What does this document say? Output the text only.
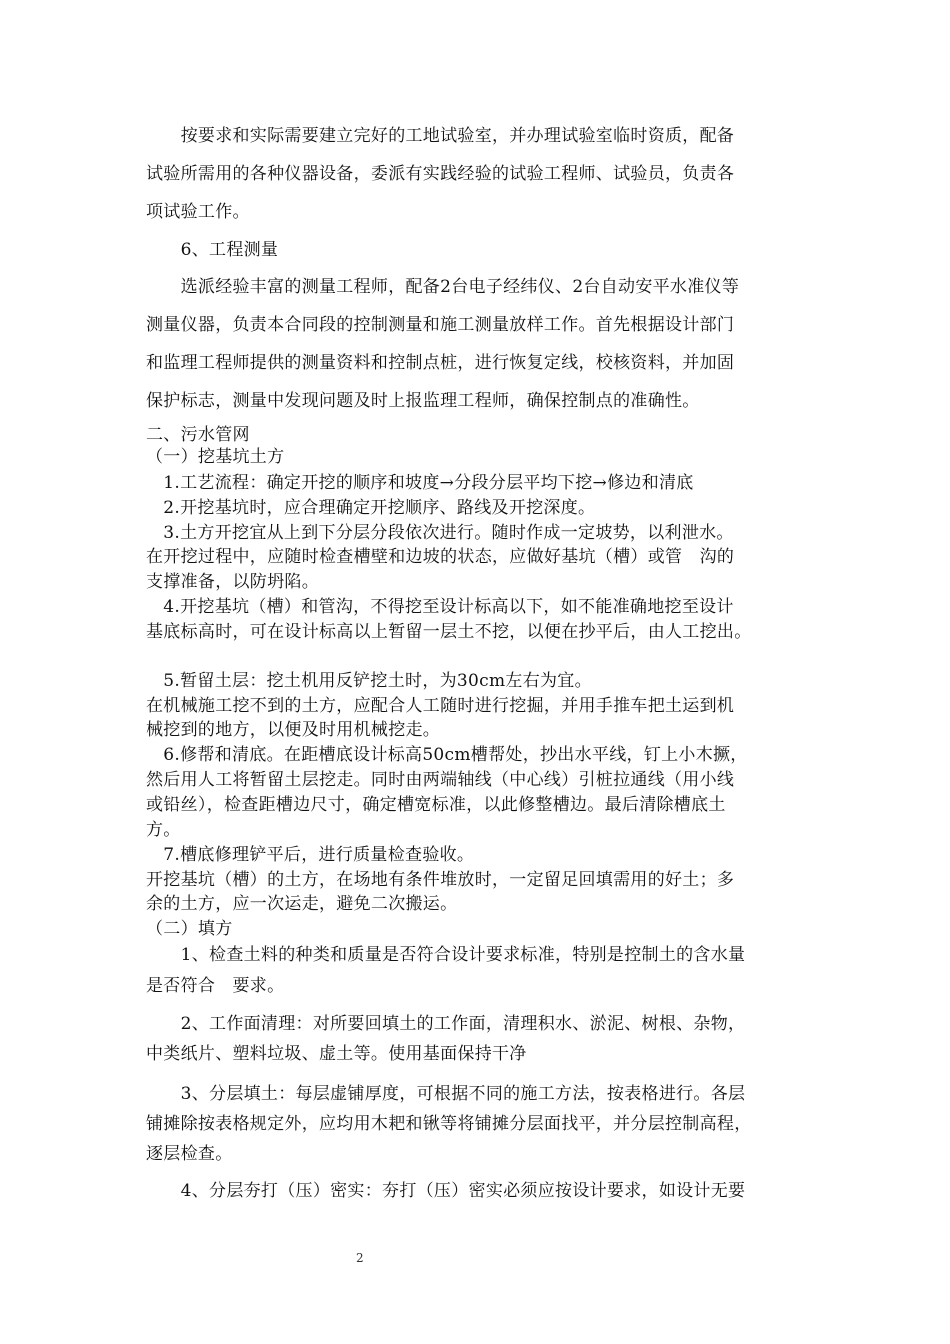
　　按要求和实际需要建立完好的工地试验室，并办理试验室临时资质，配备
试验所需用的各种仪器设备，委派有实践经验的试验工程师、试验员，负责各
项试验工作。
　　6、工程测量
　　选派经验丰富的测量工程师，配备2台电子经纬仪、2台自动安平水准仪等
测量仪器，负责本合同段的控制测量和施工测量放样工作。首先根据设计部门
和监理工程师提供的测量资料和控制点桩，进行恢复定线，校核资料，并加固
保护标志，测量中发现问题及时上报监理工程师，确保控制点的准确性。
二、污水管网
（一）挖基坑土方
　1.工艺流程：确定开挖的顺序和坡度→分段分层平均下挖→修边和清底
　2.开挖基坑时，应合理确定开挖顺序、路线及开挖深度。
　3.土方开挖宜从上到下分层分段依次进行。随时作成一定坡势，以利泄水。
在开挖过程中，应随时检查槽壁和边坡的状态，应做好基坑（槽）或管　沟的
支撑准备，以防坍陷。
　4.开挖基坑（槽）和管沟，不得挖至设计标高以下，如不能准确地挖至设计
基底标高时，可在设计标高以上暂留一层土不挖，以便在抄平后，由人工挖出。
　5.暂留土层：挖土机用反铲挖土时，为30cm左右为宜。
在机械施工挖不到的土方，应配合人工随时进行挖掘，并用手推车把土运到机
械挖到的地方，以便及时用机械挖走。
　6.修帮和清底。在距槽底设计标高50cm槽帮处，抄出水平线，钉上小木撅，
然后用人工将暂留土层挖走。同时由两端轴线（中心线）引桩拉通线（用小线
或铅丝），检查距槽边尺寸，确定槽宽标准，以此修整槽边。最后清除槽底土
方。
　7.槽底修理铲平后，进行质量检查验收。
开挖基坑（槽）的土方，在场地有条件堆放时，一定留足回填需用的好土；多
余的土方，应一次运走，避免二次搬运。
（二）填方
　　1、检查土料的种类和质量是否符合设计要求标准，特别是控制土的含水量
是否符合　要求。
　　2、工作面清理：对所要回填土的工作面，清理积水、淤泥、树根、杂物，
中类纸片、塑料垃圾、虚土等。使用基面保持干净
　　3、分层填土：每层虚铺厚度，可根据不同的施工方法，按表格进行。各层
铺摊除按表格规定外，应均用木耙和锹等将铺摊分层面找平，并分层控制高程，
逐层检查。
　　4、分层夯打（压）密实：夯打（压）密实必须应按设计要求，如设计无要
2
